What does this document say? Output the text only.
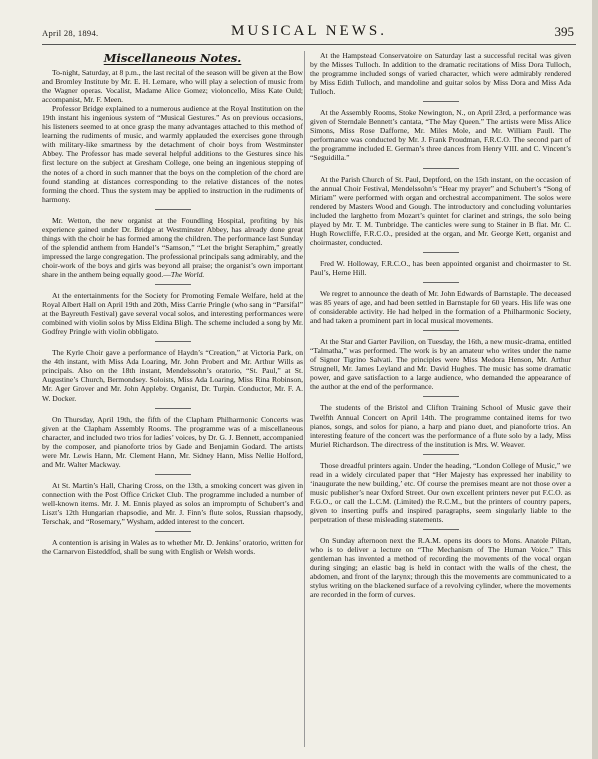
April 28, 1894.	MUSICAL NEWS.	395
Miscellaneous Notes.

To-night, Saturday, at 8 p.m., the last recital of the season will be given at the Bow and Bromley Institute by Mr. E. H. Lemare, who will play a selection of music from the Wagner operas. Vocalist, Madame Alice Gomez; violoncello, Miss Kate Ould; accompanist, Mr. F. Meen.

Professor Bridge explained to a numerous audience at the Royal Institution on the 19th instant his ingenious system of “Musical Gestures.” As on previous occasions, his listeners seemed to at once grasp the many advantages attached to this method of learning the rudiments of music, and warmly applauded the exercises gone through with military-like smartness by the detachment of choir boys from Westminster Abbey. The Professor has made several helpful additions to the Gestures since his first lecture on the subject at Gresham College, one being an ingenious stepping of the notes of a chord in such manner that the boys on the completion of the chord are found standing at distances corresponding to the relative distances of the notes forming the chord. Thus the system may be applied to instruction in the rudiments of harmony.

Mr. Wetton, the new organist at the Foundling Hospital, profiting by his experience gained under Dr. Bridge at Westminster Abbey, has already done great things with the choir he has formed among the children. The performance last Sunday of the splendid anthem from Handel’s “Samson,” “Let the bright Seraphim,” greatly impressed the large congregation. The professional principals sang admirably, and the choir-work of the boys and girls was beyond all praise; the organist’s own important share in the anthem being equally good.—The World.

At the entertainments for the Society for Promoting Female Welfare, held at the Royal Albert Hall on April 19th and 20th, Miss Carrie Pringle (who sang in “Parsifal” at the Bayreuth Festival) gave several vocal solos, and interesting performances were combined with violin solos by Miss Eldina Bligh. The scheme included a song by Mr. Godfrey Pringle with violin obbligato.

The Kyrle Choir gave a performance of Haydn’s “Creation,” at Victoria Park, on the 4th instant, with Miss Ada Loaring, Mr. John Probert and Mr. Arthur Wills as principals. Also on the 18th instant, Mendelssohn’s oratorio, “St. Paul,” at St. Augustine’s Church, Bermondsey. Soloists, Miss Ada Loaring, Miss Rina Robinson, Mr. Ager Grover and Mr. John Appleby. Organist, Dr. Turpin. Conductor, Mr. F. A. W. Docker.

On Thursday, April 19th, the fifth of the Clapham Philharmonic Concerts was given at the Clapham Assembly Rooms. The programme was of a miscellaneous character, and included two trios for ladies’ voices, by Dr. G. J. Bennett, accompanied by the composer, and pianoforte trios by Gade and Benjamin Godard. The artists were Mr. Lewis Hann, Mr. Clement Hann, Mr. Sidney Hann, Miss Nellie Holford, and Mr. Walter Mackway.

At St. Martin’s Hall, Charing Cross, on the 13th, a smoking concert was given in connection with the Post Office Cricket Club. The programme included a number of well-known items. Mr. J. M. Ennis played as solos an impromptu of Schubert’s and Liszt’s 12th Hungarian rhapsodie, and Mr. J. Finn’s flute solos, Russian rhapsody, Terschak, and “Rosemary,” Wysham, added interest to the concert.

A contention is arising in Wales as to whether Mr. D. Jenkins’ oratorio, written for the Carnarvon Eisteddfod, shall be sung with English or Welsh words.

At the Hampstead Conservatoire on Saturday last a successful recital was given by the Misses Tulloch. In addition to the dramatic recitations of Miss Dora Tulloch, the programme included songs of varied character, which were admirably rendered by Miss Edith Tulloch, and mandoline and guitar solos by Miss Dora and Miss Ada Tulloch.

At the Assembly Rooms, Stoke Newington, N., on April 23rd, a performance was given of Sterndale Bennett’s cantata, “The May Queen.” The artists were Miss Alice Simons, Miss Rose Dafforne, Mr. Miles Mole, and Mr. William Paull. The performance was conducted by Mr. J. Frank Proudman, F.R.C.O. The second part of the programme included E. German’s three dances from Henry VIII. and C. Vincent’s “Seguidilla.”

At the Parish Church of St. Paul, Deptford, on the 15th instant, on the occasion of the annual Choir Festival, Mendelssohn’s “Hear my prayer” and Schubert’s “Song of Miriam” were performed with organ and orchestral accompaniment. The solos were rendered by Masters Wood and Gough. The introductory and concluding voluntaries included the larghetto from Mozart’s quintet for clarinet and strings, the solo being played by Mr. T. M. Tunbridge. The canticles were sung to Stainer in B flat. Mr. C. Hugh Rowcliffe, F.R.C.O., presided at the organ, and Mr. George Kett, organist and choirmaster, conducted.

Fred W. Holloway, F.R.C.O., has been appointed organist and choirmaster to St. Paul’s, Herne Hill.

We regret to announce the death of Mr. John Edwards of Barnstaple. The deceased was 85 years of age, and had been settled in Barnstaple for 60 years. His life was one of considerable activity. He had helped in the formation of a Philharmonic Society, and had taken a prominent part in local musical movements.

At the Star and Garter Pavilion, on Tuesday, the 16th, a new music-drama, entitled “Talmatha,” was performed. The work is by an amateur who writes under the name of Signor Tigrino Salvati. The principles were Miss Medora Henson, Mr. Arthur Strugnell, Mr. James Leyland and Mr. David Hughes. The music has some dramatic power, and gave satisfaction to a large audience, who demanded the appearance of the author at the end of the performance.

The students of the Bristol and Clifton Training School of Music gave their Twelfth Annual Concert on April 14th. The programme contained items for two pianos, songs, and solos for piano, a harp and piano duet, and pianoforte trios. An interesting feature of the concert was the performance of a flute solo by a lady, Miss Muriel Richardson. The directress of the institution is Mrs. W. Weaver.

Those dreadful printers again. Under the heading, “London College of Music,” we read in a widely circulated paper that “Her Majesty has expressed her inability to ‘inaugurate the new building,’ etc. Of course the premises meant are not those over a music publisher’s near Oxford Street. Our own excellent printers never put F.C.O. as F.G.O., or call the L.C.M. (Limited) the R.C.M., but the printers of country papers, given to inserting puffs and inspired paragraphs, seem singularly liable to the perpetration of these misleading statements.

On Sunday afternoon next the R.A.M. opens its doors to Mons. Anatole Piltan, who is to deliver a lecture on “The Mechanism of The Human Voice.” This gentleman has invented a method of recording the movements of the vocal organ during singing; an elastic bag is held in contact with the walls of the chest, the abdomen, and front of the larynx; through this the movements are communicated to a stylus writing on the blackened surface of a revolving cylinder, where the movements are recorded in the form of curves.
